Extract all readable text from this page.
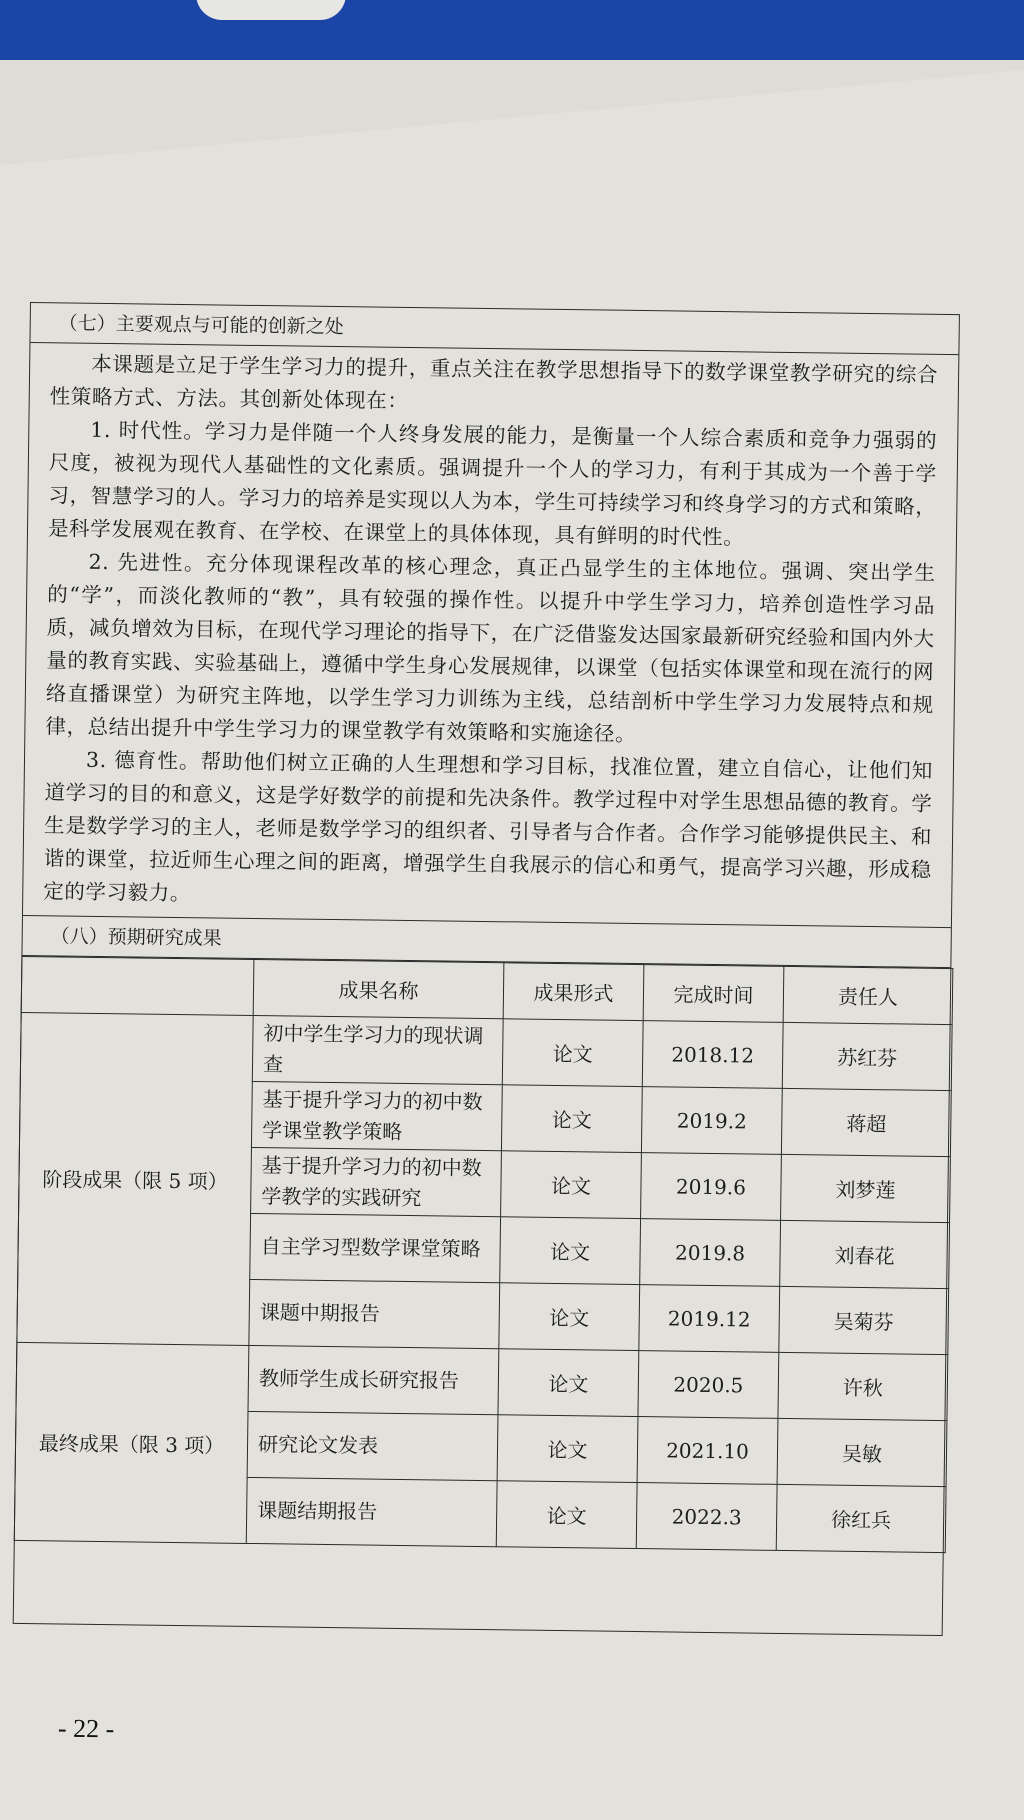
（七）主要观点与可能的创新之处

本课题是立足于学生学习力的提升，重点关注在教学思想指导下的数学课堂教学研究的综合性策略方式、方法。其创新处体现在：

1. 时代性。学习力是伴随一个人终身发展的能力，是衡量一个人综合素质和竞争力强弱的尺度，被视为现代人基础性的文化素质。强调提升一个人的学习力，有利于其成为一个善于学习，智慧学习的人。学习力的培养是实现以人为本，学生可持续学习和终身学习的方式和策略，是科学发展观在教育、在学校、在课堂上的具体体现，具有鲜明的时代性。

2. 先进性。充分体现课程改革的核心理念，真正凸显学生的主体地位。强调、突出学生的“学”，而淡化教师的“教”，具有较强的操作性。以提升中学生学习力，培养创造性学习品质，减负增效为目标，在现代学习理论的指导下，在广泛借鉴发达国家最新研究经验和国内外大量的教育实践、实验基础上，遵循中学生身心发展规律，以课堂（包括实体课堂和现在流行的网络直播课堂）为研究主阵地，以学生学习力训练为主线，总结剖析中学生学习力发展特点和规律，总结出提升中学生学习力的课堂教学有效策略和实施途径。

3. 德育性。帮助他们树立正确的人生理想和学习目标，找准位置，建立自信心，让他们知道学习的目的和意义，这是学好数学的前提和先决条件。教学过程中对学生思想品德的教育。学生是数学学习的主人，老师是数学学习的组织者、引导者与合作者。合作学习能够提供民主、和谐的课堂，拉近师生心理之间的距离，增强学生自我展示的信心和勇气，提高学习兴趣，形成稳定的学习毅力。

（八）预期研究成果
	成果名称	成果形式	完成时间	责任人
阶段成果（限 5 项）	初中学生学习力的现状调查	论文	2018.12	苏红芬
	基于提升学习力的初中数学课堂教学策略	论文	2019.2	蒋超
	基于提升学习力的初中数学教学的实践研究	论文	2019.6	刘梦莲
	自主学习型数学课堂策略	论文	2019.8	刘春花
	课题中期报告	论文	2019.12	吴菊芬
最终成果（限 3 项）	教师学生成长研究报告	论文	2020.5	许秋
	研究论文发表	论文	2021.10	吴敏
	课题结期报告	论文	2022.3	徐红兵
- 22 -
